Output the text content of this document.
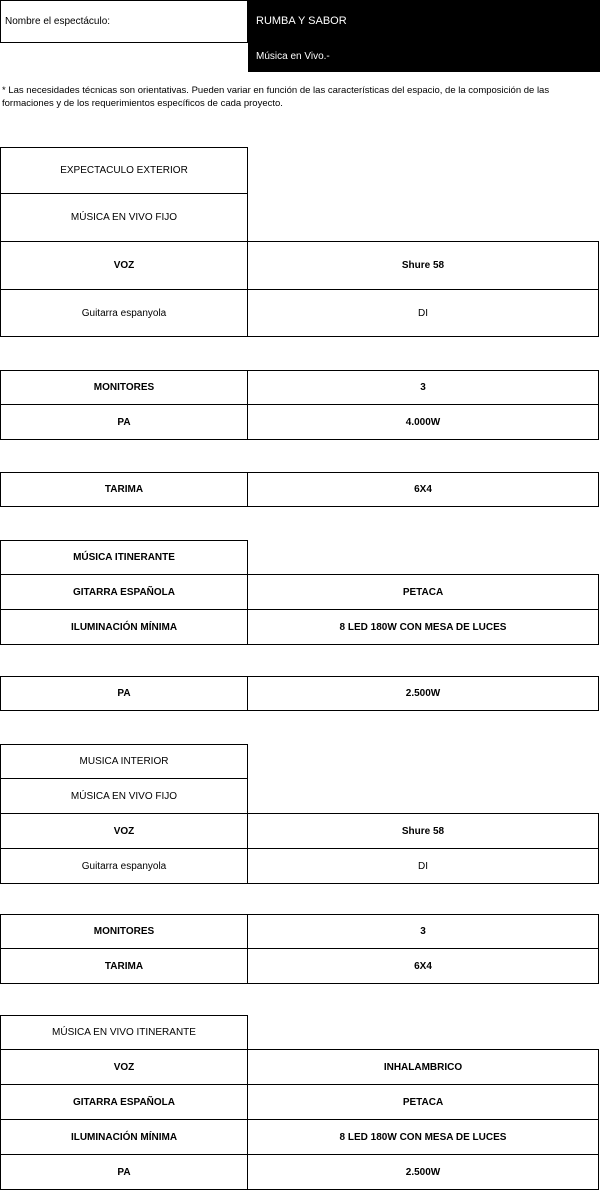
Nombre el espectáculo:	RUMBA Y SABOR
Música en Vivo.-
* Las necesidades técnicas son orientativas. Pueden variar en función de las características del espacio, de la composición de las formaciones y de los requerimientos específicos de cada proyecto.
EXPECTACULO EXTERIOR
MÚSICA EN VIVO FIJO
VOZ	Shure 58
Guitarra espanyola	DI
MONITORES	3
PA	4.000W
TARIMA	6X4
MÚSICA ITINERANTE
GITARRA ESPAÑOLA	PETACA
ILUMINACIÓN MÍNIMA	8 LED 180W CON MESA DE LUCES
PA	2.500W
MUSICA INTERIOR
MÚSICA EN VIVO FIJO
VOZ	Shure 58
Guitarra espanyola	DI
MONITORES	3
TARIMA	6X4
MÚSICA EN VIVO ITINERANTE
VOZ	INHALAMBRICO
GITARRA ESPAÑOLA	PETACA
ILUMINACIÓN MÍNIMA	8 LED 180W CON MESA DE LUCES
PA	2.500W
